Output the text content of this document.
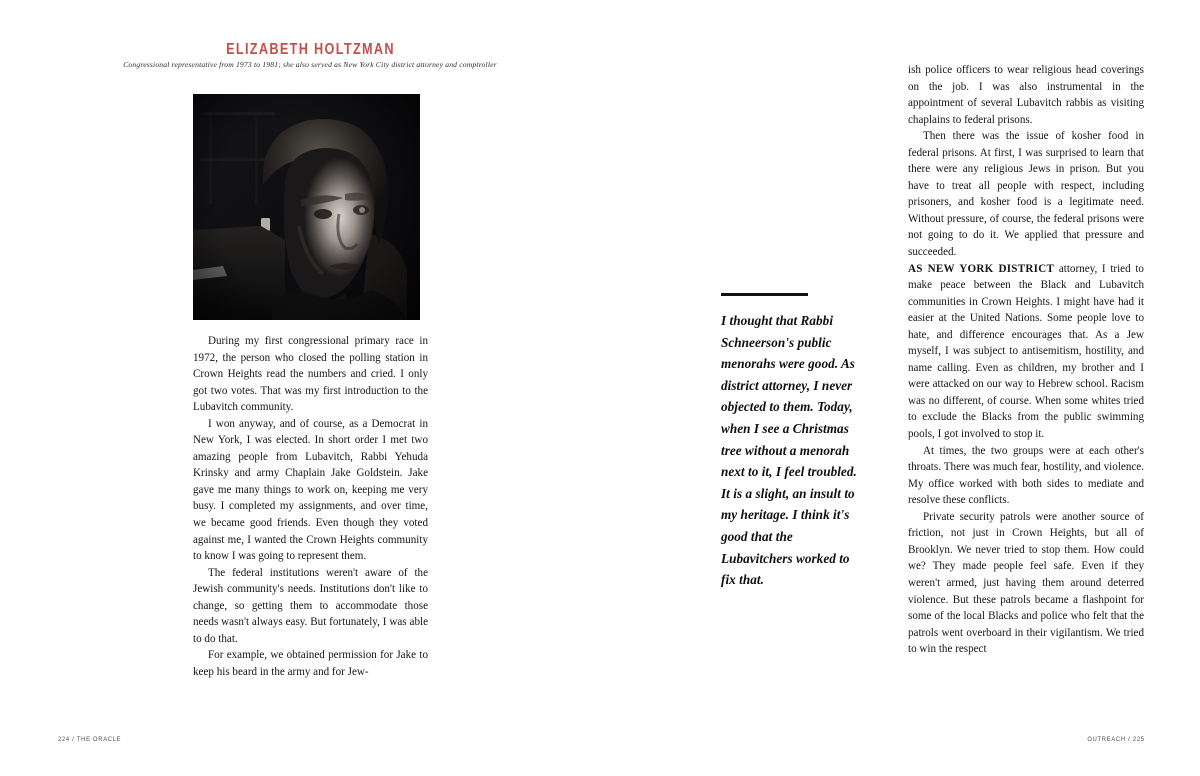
ELIZABETH HOLTZMAN
Congressional representative from 1973 to 1981; she also served as New York City district attorney and comptroller

During my first congressional primary race in 1972, the person who closed the polling station in Crown Heights read the numbers and cried. I only got two votes. That was my first introduction to the Lubavitch community.

I won anyway, and of course, as a Democrat in New York, I was elected. In short order I met two amazing people from Lubavitch, Rabbi Yehuda Krinsky and army Chaplain Jake Goldstein. Jake gave me many things to work on, keeping me very busy. I completed my assignments, and over time, we became good friends. Even though they voted against me, I wanted the Crown Heights community to know I was going to represent them.

The federal institutions weren't aware of the Jewish community's needs. Institutions don't like to change, so getting them to accommodate those needs wasn't always easy. But fortunately, I was able to do that.

For example, we obtained permission for Jake to keep his beard in the army and for Jew-

I thought that Rabbi Schneerson's public menorahs were good. As district attorney, I never objected to them. Today, when I see a Christmas tree without a menorah next to it, I feel troubled. It is a slight, an insult to my heritage. I think it's good that the Lubavitchers worked to fix that.

ish police officers to wear religious head coverings on the job. I was also instrumental in the appointment of several Lubavitch rabbis as visiting chaplains to federal prisons.

Then there was the issue of kosher food in federal prisons. At first, I was surprised to learn that there were any religious Jews in prison. But you have to treat all people with respect, including prisoners, and kosher food is a legitimate need. Without pressure, of course, the federal prisons were not going to do it. We applied that pressure and succeeded.

AS NEW YORK DISTRICT attorney, I tried to make peace between the Black and Lubavitch communities in Crown Heights. I might have had it easier at the United Nations. Some people love to hate, and difference encourages that. As a Jew myself, I was subject to antisemitism, hostility, and name calling. Even as children, my brother and I were attacked on our way to Hebrew school. Racism was no different, of course. When some whites tried to exclude the Blacks from the public swimming pools, I got involved to stop it.

At times, the two groups were at each other's throats. There was much fear, hostility, and violence. My office worked with both sides to mediate and resolve these conflicts.

Private security patrols were another source of friction, not just in Crown Heights, but all of Brooklyn. We never tried to stop them. How could we? They made people feel safe. Even if they weren't armed, just having them around deterred violence. But these patrols became a flashpoint for some of the local Blacks and police who felt that the patrols went overboard in their vigilantism. We tried to win the respect

224 / THE ORACLE	OUTREACH / 225
